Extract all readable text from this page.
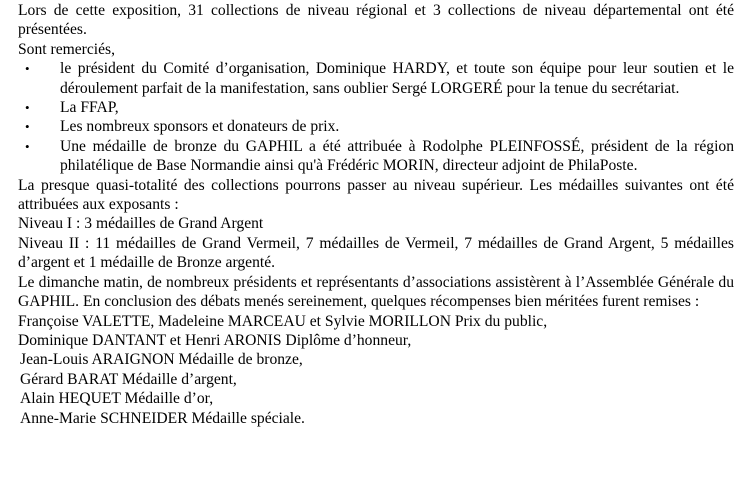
Lors de cette exposition, 31 collections de niveau régional et 3 collections de niveau départemental ont été présentées.

Sont remerciés,

• le président du Comité d’organisation, Dominique HARDY, et toute son équipe pour leur soutien et le déroulement parfait de la manifestation, sans oublier Sergé LORGERÉ pour la tenue du secrétariat.
• La FFAP,
• Les nombreux sponsors et donateurs de prix.
• Une médaille de bronze du GAPHIL a été attribuée à Rodolphe PLEINFOSSÉ, président de la région philatélique de Base Normandie ainsi qu'à Frédéric MORIN, directeur adjoint de PhilaPoste.

La presque quasi-totalité des collections pourrons passer au niveau supérieur. Les médailles suivantes ont été attribuées aux exposants :

Niveau I : 3 médailles de Grand Argent

Niveau II : 11 médailles de Grand Vermeil, 7 médailles de Vermeil, 7 médailles de Grand Argent, 5 médailles d’argent et 1 médaille de Bronze argenté.

Le dimanche matin, de nombreux présidents et représentants d’associations assistèrent à l’Assemblée Générale du GAPHIL. En conclusion des débats menés sereinement, quelques récompenses bien méritées furent remises :

Françoise VALETTE, Madeleine MARCEAU et Sylvie MORILLON Prix du public,
Dominique DANTANT et Henri ARONIS Diplôme d’honneur,
Jean-Louis ARAIGNON Médaille de bronze,
Gérard BARAT Médaille d’argent,
Alain HEQUET Médaille d’or,
Anne-Marie SCHNEIDER Médaille spéciale.
